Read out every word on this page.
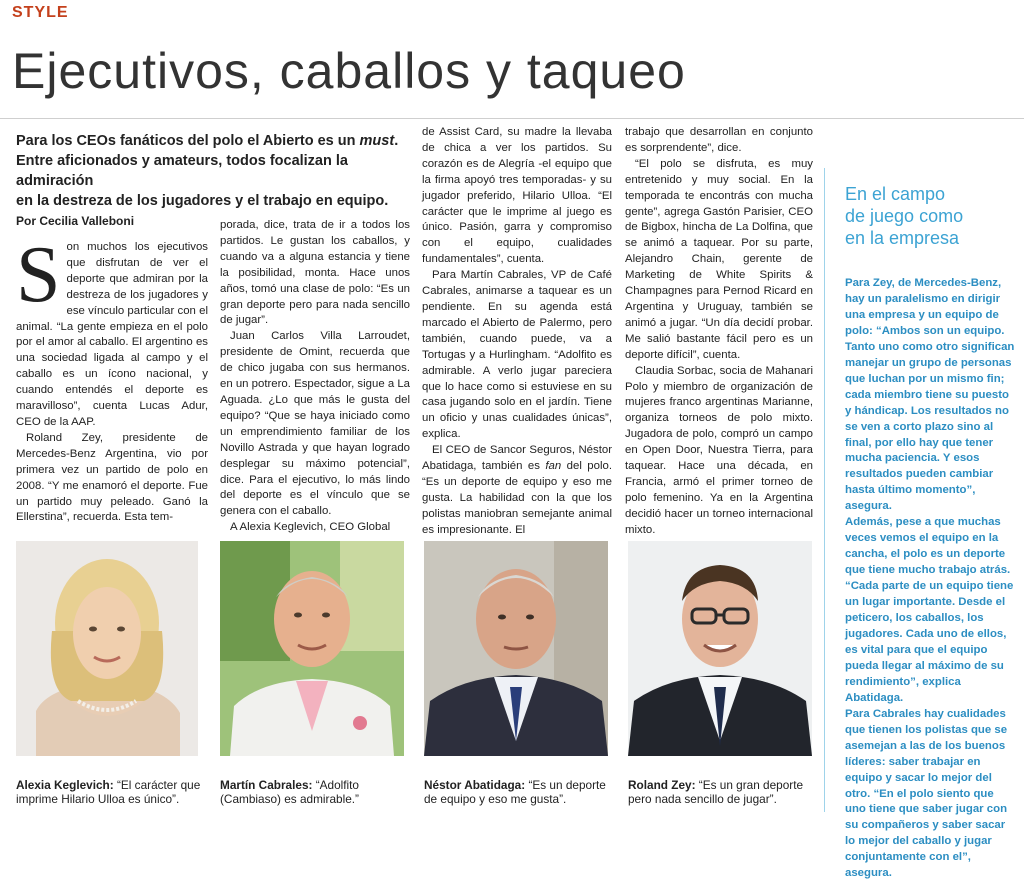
STYLE
Ejecutivos, caballos y taqueo

Para los CEOs fanáticos del polo el Abierto es un must.

Entre aficionados y amateurs, todos focalizan la admiración

en la destreza de los jugadores y el trabajo en equipo.

Por Cecilia Valleboni

Son muchos los ejecutivos que disfrutan de ver el deporte que admiran por la destreza de los jugadores y ese vínculo particular con el animal. “La gente empieza en el polo por el amor al caballo. El argentino es una sociedad ligada al campo y el caballo es un ícono nacional, y cuando entendés el deporte es maravilloso”, cuenta Lucas Adur, CEO de la AAP.

Roland Zey, presidente de Mercedes-Benz Argentina, vio por primera vez un partido de polo en 2008. “Y me enamoró el deporte. Fue un partido muy peleado. Ganó la Ellerstina”, recuerda. Esta tem-

porada, dice, trata de ir a todos los partidos. Le gustan los caballos, y cuando va a alguna estancia y tiene la posibilidad, monta. Hace unos años, tomó una clase de polo: “Es un gran deporte pero para nada sencillo de jugar”.

Juan Carlos Villa Larroudet, presidente de Omint, recuerda que de chico jugaba con sus hermanos. en un potrero. Espectador, sigue a La Aguada. ¿Lo que más le gusta del equipo? “Que se haya iniciado como un emprendimiento familiar de los Novillo Astrada y que hayan logrado desplegar su máximo potencial”, dice. Para el ejecutivo, lo más lindo del deporte es el vínculo que se genera con el caballo.

A Alexia Keglevich, CEO Global

de Assist Card, su madre la llevaba de chica a ver los partidos. Su corazón es de Alegría -el equipo que la firma apoyó tres temporadas- y su jugador preferido, Hilario Ulloa. “El carácter que le imprime al juego es único. Pasión, garra y compromiso con el equipo, cualidades fundamentales”, cuenta.

Para Martín Cabrales, VP de Café Cabrales, animarse a taquear es un pendiente. En su agenda está marcado el Abierto de Palermo, pero también, cuando puede, va a Tortugas y a Hurlingham. “Adolfito es admirable. A verlo jugar pareciera que lo hace como si estuviese en su casa jugando solo en el jardín. Tiene un oficio y unas cualidades únicas”, explica.

El CEO de Sancor Seguros, Néstor Abatidaga, también es fan del polo. “Es un deporte de equipo y eso me gusta. La habilidad con la que los polistas maniobran semejante animal es impresionante. El

trabajo que desarrollan en conjunto es sorprendente”, dice.

“El polo se disfruta, es muy entretenido y muy social. En la temporada te encontrás con mucha gente”, agrega Gastón Parisier, CEO de Bigbox, hincha de La Dolfina, que se animó a taquear. Por su parte, Alejandro Chain, gerente de Marketing de White Spirits & Champagnes para Pernod Ricard en Argentina y Uruguay, también se animó a jugar. “Un día decidí probar. Me salió bastante fácil pero es un deporte difícil”, cuenta.

Claudia Sorbac, socia de Mahanari Polo y miembro de organización de mujeres franco argentinas Marianne, organiza torneos de polo mixto. Jugadora de polo, compró un campo en Open Door, Nuestra Tierra, para taquear. Hace una década, en Francia, armó el primer torneo de polo femenino. Ya en la Argentina decidió hacer un torneo internacional mixto.

En el campo

de juego como

en la empresa

Para Zey, de Mercedes-Benz, hay un paralelismo en dirigir una empresa y un equipo de polo: “Ambos son un equipo. Tanto uno como otro significan manejar un grupo de personas que luchan por un mismo fin; cada miembro tiene su puesto y hándicap. Los resultados no se ven a corto plazo sino al final, por ello hay que tener mucha paciencia. Y esos resultados pueden cambiar hasta último momento”, asegura.

Además, pese a que muchas veces vemos el equipo en la cancha, el polo es un deporte que tiene mucho trabajo atrás. “Cada parte de un equipo tiene un lugar importante. Desde el peticero, los caballos, los jugadores. Cada uno de ellos, es vital para que el equipo pueda llegar al máximo de su rendimiento”, explica Abatidaga.

Para Cabrales hay cualidades que tienen los polistas que se asemejan a las de los buenos líderes: saber trabajar en equipo y sacar lo mejor del otro. “En el polo siento que uno tiene que saber jugar con su compañeros y saber sacar lo mejor del caballo y jugar conjuntamente con el”, asegura.

Alexia Keglevich: “El carácter que imprime Hilario Ulloa es único”.
Martín Cabrales: “Adolfito (Cambiaso) es admirable.”
Néstor Abatidaga: “Es un deporte de equipo y eso me gusta”.
Roland Zey: “Es un gran deporte pero nada sencillo de jugar”.
